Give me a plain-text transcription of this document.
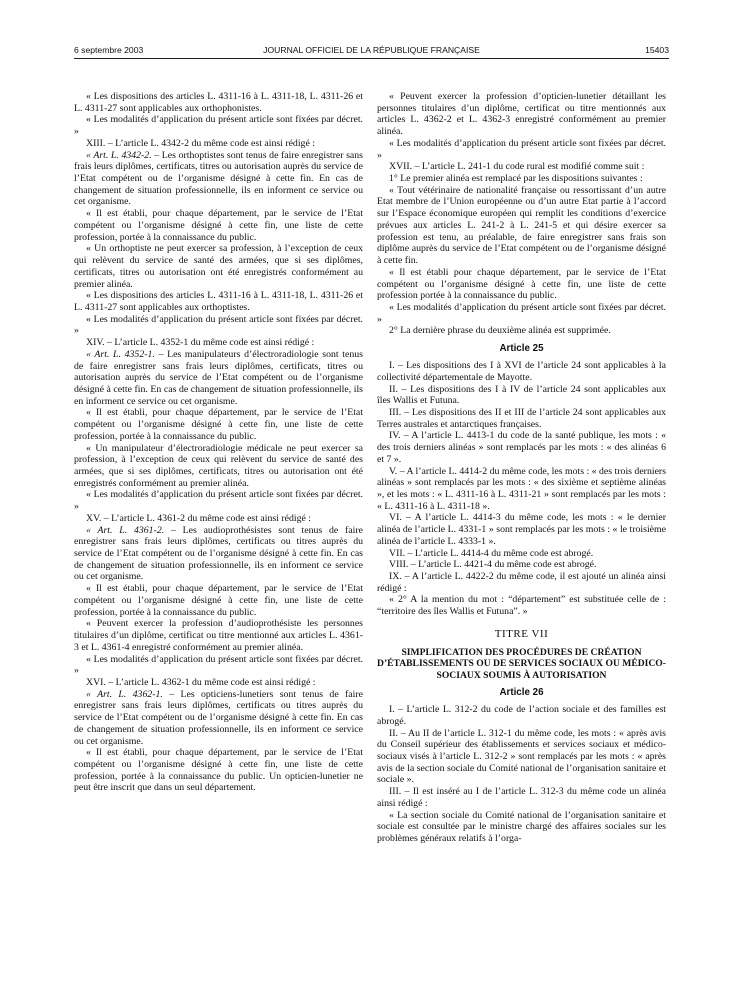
6 septembre 2003	JOURNAL OFFICIEL DE LA RÉPUBLIQUE FRANÇAISE	15403

« Les dispositions des articles L. 4311-16 à L. 4311-18, L. 4311-26 et L. 4311-27 sont applicables aux orthophonistes.

« Les modalités d’application du présent article sont fixées par décret. »

XIII. – L’article L. 4342-2 du même code est ainsi rédigé :

« Art. L. 4342-2. – Les orthoptistes sont tenus de faire enregistrer sans frais leurs diplômes, certificats, titres ou autorisation auprès du service de l’Etat compétent ou de l’organisme désigné à cette fin. En cas de changement de situation professionnelle, ils en informent ce service ou cet organisme.

« Il est établi, pour chaque département, par le service de l’Etat compétent ou l’organisme désigné à cette fin, une liste de cette profession, portée à la connaissance du public.

« Un orthoptiste ne peut exercer sa profession, à l’exception de ceux qui relèvent du service de santé des armées, que si ses diplômes, certificats, titres ou autorisation ont été enregistrés conformément au premier alinéa.

« Les dispositions des articles L. 4311-16 à L. 4311-18, L. 4311-26 et L. 4311-27 sont applicables aux orthoptistes.

« Les modalités d’application du présent article sont fixées par décret. »

XIV. – L’article L. 4352-1 du même code est ainsi rédigé :

« Art. L. 4352-1. – Les manipulateurs d’électroradiologie sont tenus de faire enregistrer sans frais leurs diplômes, certificats, titres ou autorisation auprès du service de l’Etat compétent ou de l’organisme désigné à cette fin. En cas de changement de situation professionnelle, ils en informent ce service ou cet organisme.

« Il est établi, pour chaque département, par le service de l’Etat compétent ou l’organisme désigné à cette fin, une liste de cette profession, portée à la connaissance du public.

« Un manipulateur d’électroradiologie médicale ne peut exercer sa profession, à l’exception de ceux qui relèvent du service de santé des armées, que si ses diplômes, certificats, titres ou autorisation ont été enregistrés conformément au premier alinéa.

« Les modalités d’application du présent article sont fixées par décret. »

XV. – L’article L. 4361-2 du même code est ainsi rédigé :

« Art. L. 4361-2. – Les audioprothésistes sont tenus de faire enregistrer sans frais leurs diplômes, certificats ou titres auprès du service de l’Etat compétent ou de l’organisme désigné à cette fin. En cas de changement de situation professionnelle, ils en informent ce service ou cet organisme.

« Il est établi, pour chaque département, par le service de l’Etat compétent ou l’organisme désigné à cette fin, une liste de cette profession, portée à la connaissance du public.

« Peuvent exercer la profession d’audioprothésiste les personnes titulaires d’un diplôme, certificat ou titre mentionné aux articles L. 4361-3 et L. 4361-4 enregistré conformément au premier alinéa.

« Les modalités d’application du présent article sont fixées par décret. »

XVI. – L’article L. 4362-1 du même code est ainsi rédigé :

« Art. L. 4362-1. – Les opticiens-lunetiers sont tenus de faire enregistrer sans frais leurs diplômes, certificats ou titres auprès du service de l’Etat compétent ou de l’organisme désigné à cette fin. En cas de changement de situation professionnelle, ils en informent ce service ou cet organisme.

« Il est établi, pour chaque département, par le service de l’Etat compétent ou l’organisme désigné à cette fin, une liste de cette profession, portée à la connaissance du public. Un opticien-lunetier ne peut être inscrit que dans un seul département.

« Peuvent exercer la profession d’opticien-lunetier détaillant les personnes titulaires d’un diplôme, certificat ou titre mentionnés aux articles L. 4362-2 et L. 4362-3 enregistré conformément au premier alinéa.

« Les modalités d’application du présent article sont fixées par décret. »

XVII. – L’article L. 241-1 du code rural est modifié comme suit :

1° Le premier alinéa est remplacé par les dispositions suivantes :

« Tout vétérinaire de nationalité française ou ressortissant d’un autre Etat membre de l’Union européenne ou d’un autre Etat partie à l’accord sur l’Espace économique européen qui remplit les conditions d’exercice prévues aux articles L. 241-2 à L. 241-5 et qui désire exercer sa profession est tenu, au préalable, de faire enregistrer sans frais son diplôme auprès du service de l’Etat compétent ou de l’organisme désigné à cette fin.

« Il est établi pour chaque département, par le service de l’Etat compétent ou l’organisme désigné à cette fin, une liste de cette profession portée à la connaissance du public.

« Les modalités d’application du présent article sont fixées par décret. »

2° La dernière phrase du deuxième alinéa est supprimée.

Article 25

I. – Les dispositions des I à XVI de l’article 24 sont applicables à la collectivité départementale de Mayotte.

II. – Les dispositions des I à IV de l’article 24 sont applicables aux îles Wallis et Futuna.

III. – Les dispositions des II et III de l’article 24 sont applicables aux Terres australes et antarctiques françaises.

IV. – A l’article L. 4413-1 du code de la santé publique, les mots : « des trois derniers alinéas » sont remplacés par les mots : « des alinéas 6 et 7 ».

V. – A l’article L. 4414-2 du même code, les mots : « des trois derniers alinéas » sont remplacés par les mots : « des sixième et septième alinéas », et les mots : « L. 4311-16 à L. 4311-21 » sont remplacés par les mots : « L. 4311-16 à L. 4311-18 ».

VI. – A l’article L. 4414-3 du même code, les mots : « le dernier alinéa de l’article L. 4331-1 » sont remplacés par les mots : « le troisième alinéa de l’article L. 4333-1 ».

VII. – L’article L. 4414-4 du même code est abrogé.

VIII. – L’article L. 4421-4 du même code est abrogé.

IX. – A l’article L. 4422-2 du même code, il est ajouté un alinéa ainsi rédigé :

« 2° A la mention du mot : “département” est substituée celle de : “territoire des îles Wallis et Futuna”. »

TITRE VII
SIMPLIFICATION DES PROCÉDURES DE CRÉATION D’ÉTABLISSEMENTS OU DE SERVICES SOCIAUX OU MÉDICO-SOCIAUX SOUMIS À AUTORISATION
Article 26

I. – L’article L. 312-2 du code de l’action sociale et des familles est abrogé.

II. – Au II de l’article L. 312-1 du même code, les mots : « après avis du Conseil supérieur des établissements et services sociaux et médico-sociaux visés à l’article L. 312-2 » sont remplacés par les mots : « après avis de la section sociale du Comité national de l’organisation sanitaire et sociale ».

III. – Il est inséré au I de l’article L. 312-3 du même code un alinéa ainsi rédigé :

« La section sociale du Comité national de l’organisation sanitaire et sociale est consultée par le ministre chargé des affaires sociales sur les problèmes généraux relatifs à l’orga-
